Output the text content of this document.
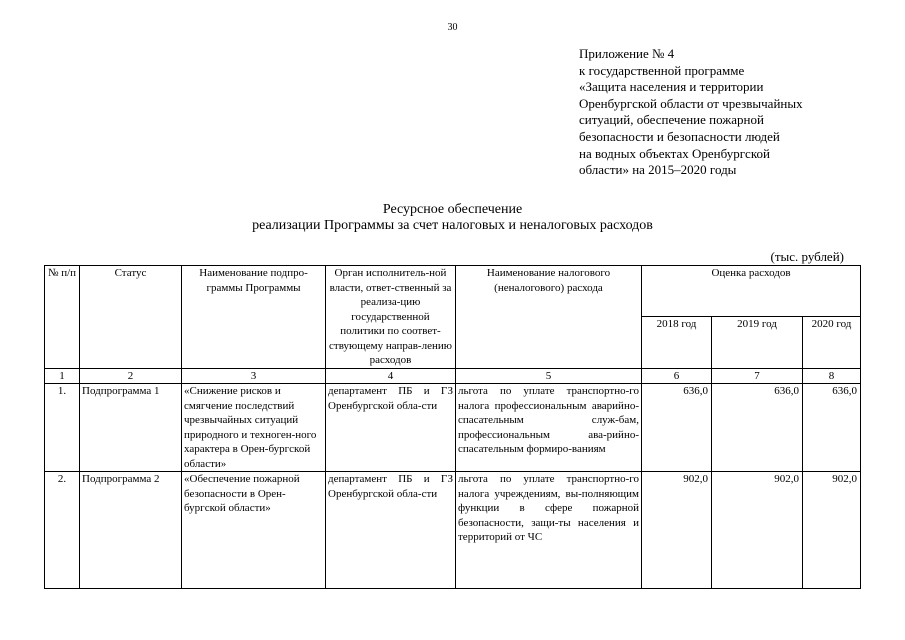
30
Приложение № 4
к государственной программе
«Защита населения и территории
Оренбургской области от чрезвычайных
ситуаций, обеспечение пожарной
безопасности и безопасности людей
на водных объектах Оренбургской
области» на 2015–2020 годы
Ресурсное обеспечение
реализации Программы за счет налоговых и неналоговых расходов
(тыс. рублей)
№ п/п	Статус	Наименование подпро-граммы Программы	Орган исполнитель-ной власти, ответ-ственный за реализа-цию государственной политики по соответ-ствующему направ-лению расходов	Наименование налогового (неналогового) расхода	Оценка расходов		
					2018 год	2019 год	2020 год
1	2	3	4	5	6	7	8
1.	Подпрограмма 1	«Снижение рисков и смягчение последствий чрезвычайных ситуаций природного и техноген-ного характера в Орен-бургской области»	департамент ПБ и ГЗ Оренбургской обла-сти	льгота по уплате транспортно-го налога профессиональным аварийно-спасательным служ-бам, профессиональным ава-рийно-спасательным формиро-ваниям	636,0	636,0	636,0
2.	Подпрограмма 2	«Обеспечение пожарной безопасности в Орен-бургской области»	департамент ПБ и ГЗ Оренбургской обла-сти	льгота по уплате транспортно-го налога учреждениям, вы-полняющим функции в сфере пожарной безопасности, защи-ты населения и территорий от ЧС	902,0	902,0	902,0
